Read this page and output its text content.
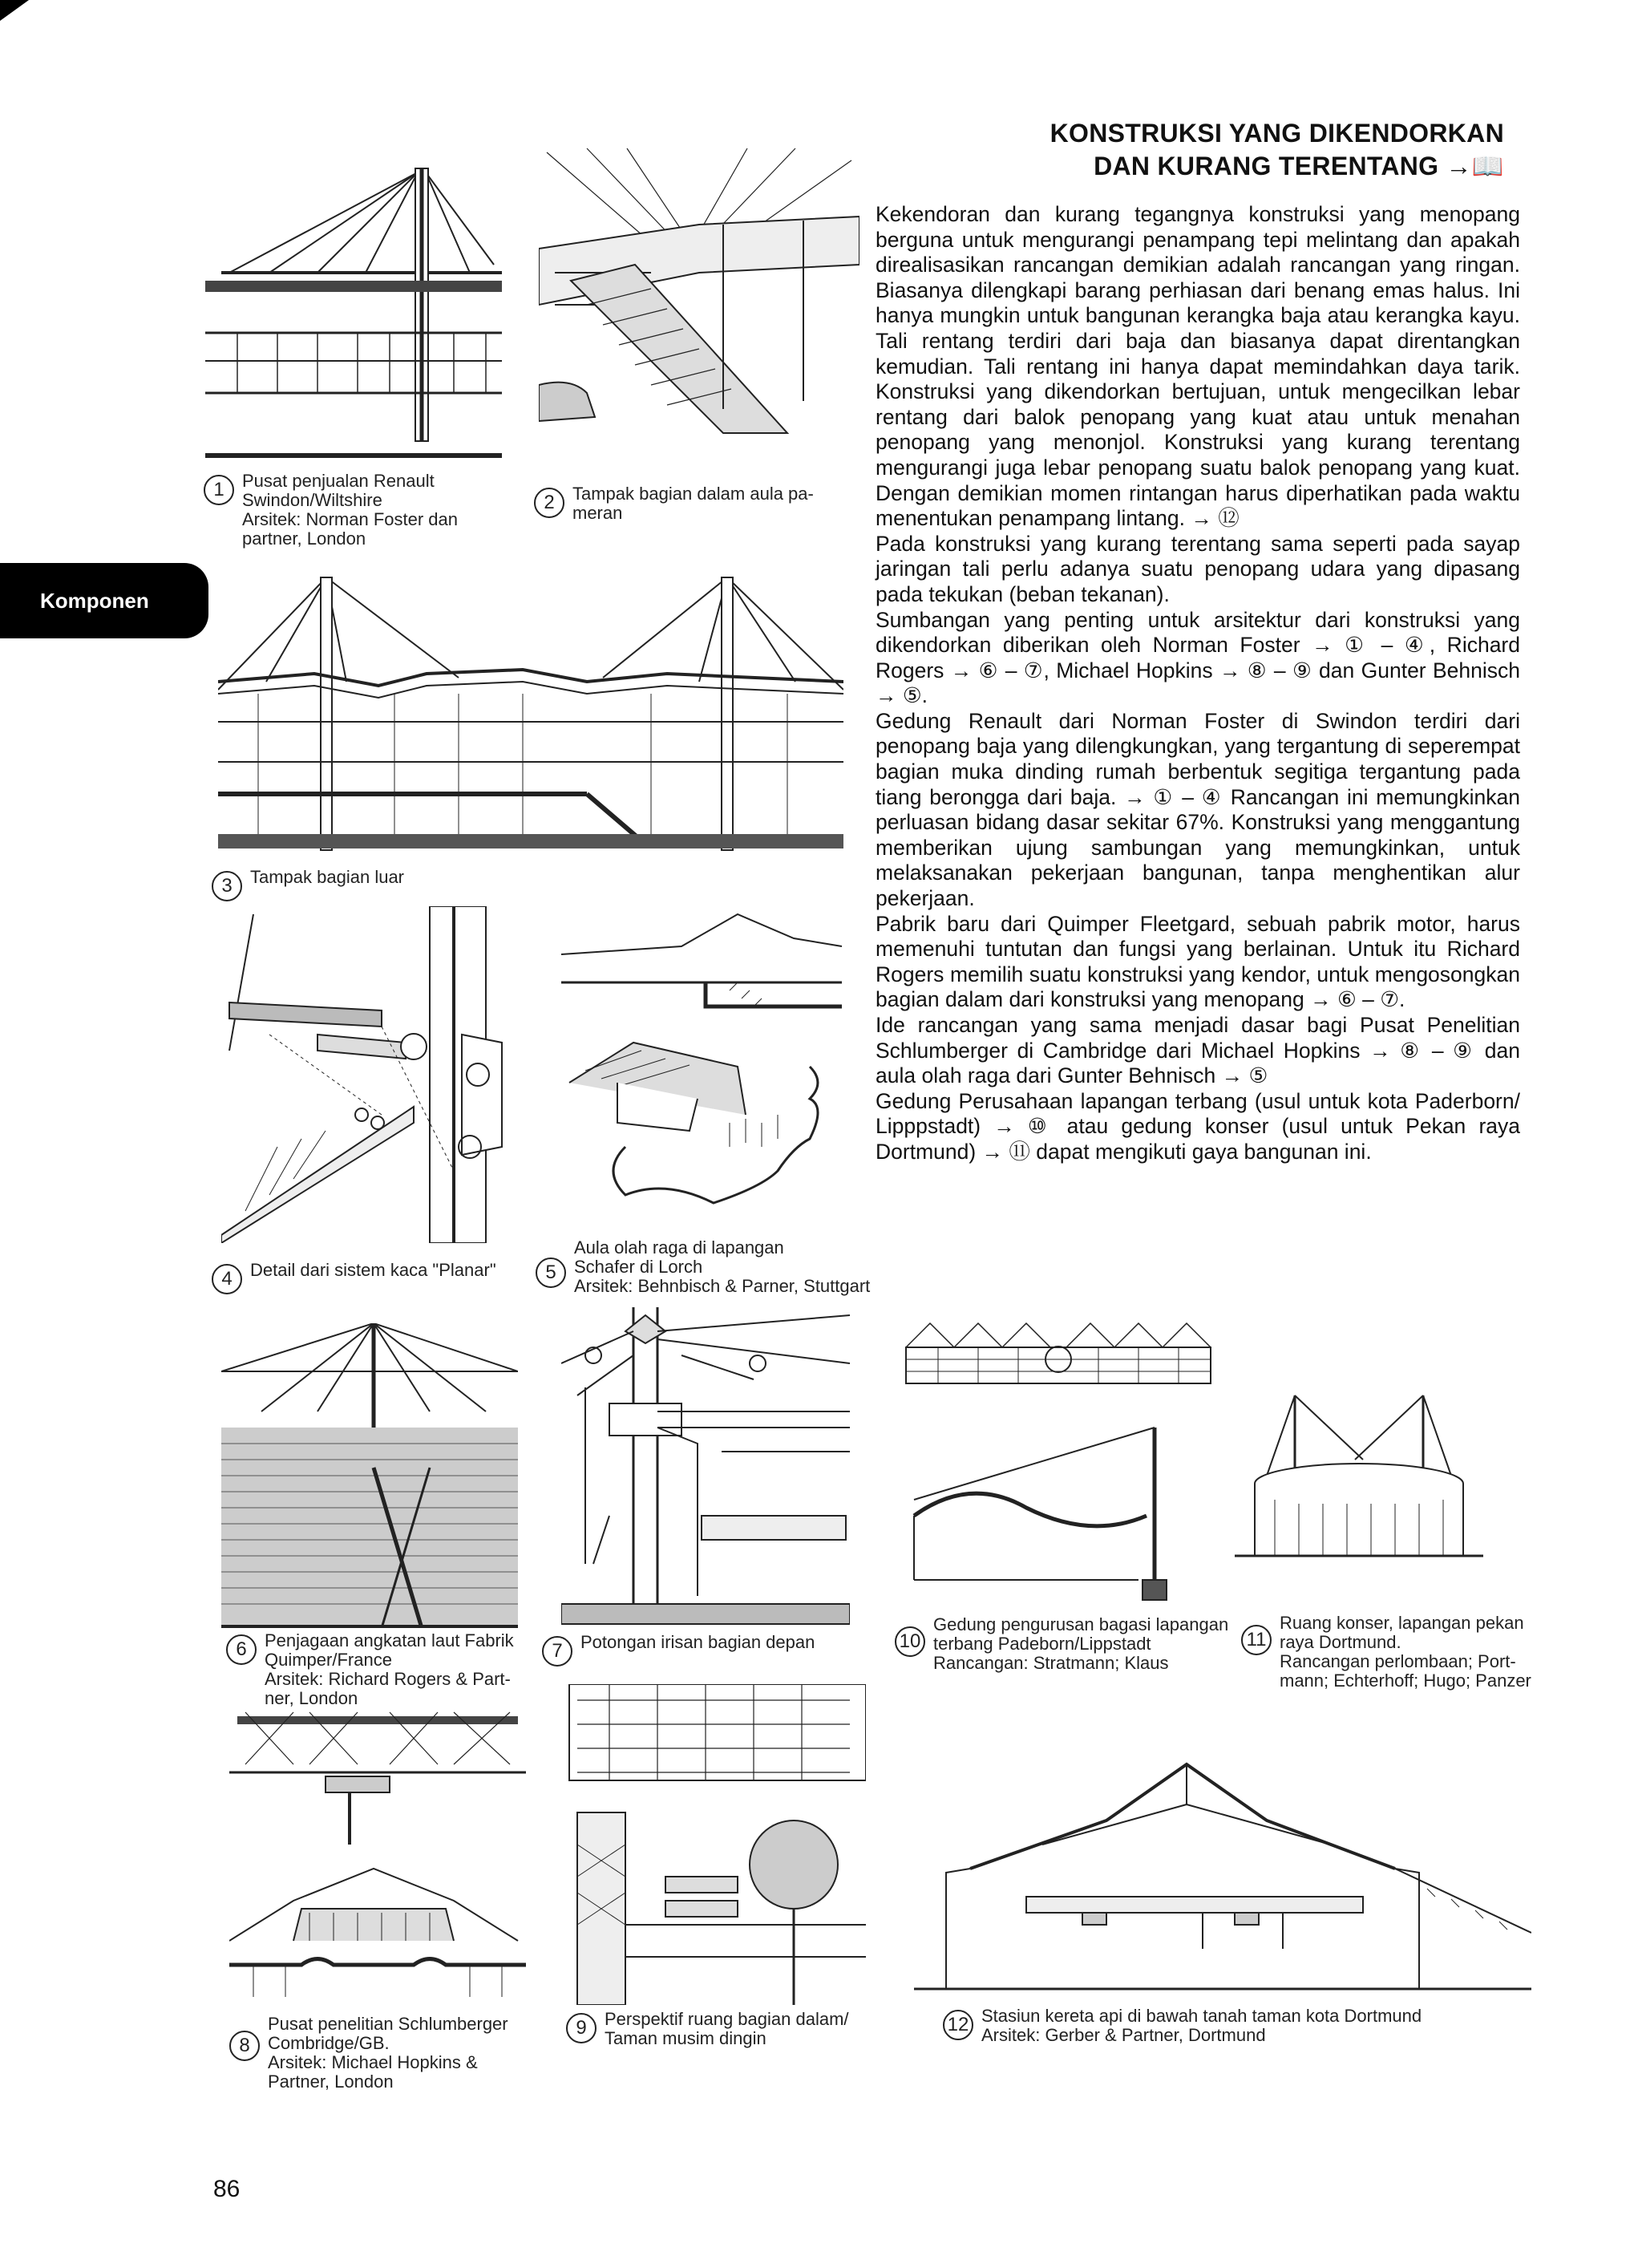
Komponen
KONSTRUKSI YANG DIKENDORKAN
DAN KURANG TERENTANG →📖

Kekendoran dan kurang tegangnya konstruksi yang menopang berguna untuk mengurangi penampang tepi melintang dan apakah direalisasikan rancangan demikian adalah rancangan yang ringan. Biasanya dilengkapi barang perhiasan dari benang emas halus. Ini hanya mungkin untuk bangunan kerangka baja atau kerangka kayu. Tali rentang terdiri dari baja dan biasanya dapat direntangkan kemudian. Tali rentang ini hanya dapat memindahkan daya tarik. Konstruksi yang dikendorkan bertujuan, untuk mengecilkan lebar rentang dari balok penopang yang kuat atau untuk menahan penopang yang menonjol. Konstruksi yang kurang terentang mengurangi juga lebar penopang suatu balok penopang yang kuat. Dengan demikian momen rintangan harus diperhatikan pada waktu menentukan penampang lintang. → ⑫

Pada konstruksi yang kurang terentang sama seperti pada sayap jaringan tali perlu adanya suatu penopang udara yang dipasang pada tekukan (beban tekanan).

Sumbangan yang penting untuk arsitektur dari konstruksi yang dikendorkan diberikan oleh Norman Foster → ① – ④, Richard Rogers → ⑥ – ⑦, Michael Hopkins → ⑧ – ⑨ dan Gunter Behnisch → ⑤.

Gedung Renault dari Norman Foster di Swindon terdiri dari penopang baja yang dilengkungkan, yang tergantung di seperempat bagian muka dinding rumah berbentuk segitiga tergantung pada tiang berongga dari baja. → ① – ④ Rancangan ini memungkinkan perluasan bidang dasar sekitar 67%. Konstruksi yang menggantung memberikan ujung sambungan yang memungkinkan, untuk melaksanakan pekerjaan bangunan, tanpa menghentikan alur pekerjaan.

Pabrik baru dari Quimper Fleetgard, sebuah pabrik motor, harus memenuhi tuntutan dan fungsi yang berlainan. Untuk itu Richard Rogers memilih suatu konstruksi yang kendor, untuk mengosongkan bagian dalam dari konstruksi yang menopang → ⑥ – ⑦.

Ide rancangan yang sama menjadi dasar bagi Pusat Penelitian Schlumberger di Cambridge dari Michael Hopkins → ⑧ – ⑨ dan aula olah raga dari Gunter Behnisch → ⑤

Gedung Perusahaan lapangan terbang (usul untuk kota Paderborn/ Lipppstadt) → ⑩ atau gedung konser (usul untuk Pekan raya Dortmund) → ⑪ dapat mengikuti gaya bangunan ini.

1	Pusat penjualan Renault
Swindon/Wiltshire
Arsitek: Norman Foster dan
partner, London
2	Tampak bagian dalam aula pa-
meran
3	Tampak bagian luar
4	Detail dari sistem kaca "Planar"	5
Aula olah raga di lapangan
Schafer di Lorch
Arsitek: Behnbisch & Parner, Stuttgart
6	Penjagaan angkatan laut Fabrik
Quimper/France
Arsitek: Richard Rogers & Part-
ner, London
7	Potongan irisan bagian depan
8
Pusat penelitian Schlumberger
Combridge/GB.
Arsitek: Michael Hopkins &
Partner, London
9	Perspektif ruang bagian dalam/
Taman musim dingin
10
Gedung pengurusan bagasi lapangan
terbang Padeborn/Lippstadt
Rancangan: Stratmann; Klaus
11
Ruang konser, lapangan pekan
raya Dortmund.
Rancangan perlombaan; Port-
mann; Echterhoff; Hugo; Panzer
12 Stasiun kereta api di bawah tanah taman kota Dortmund
Arsitek: Gerber & Partner, Dortmund
86
